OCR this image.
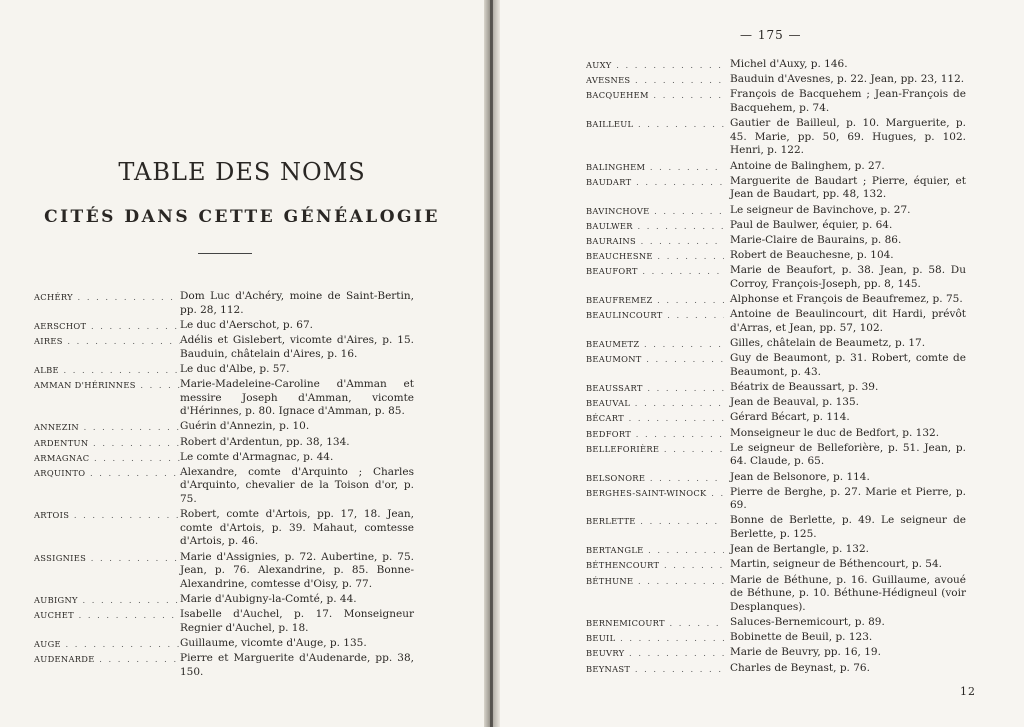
TABLE DES NOMS
CITÉS DANS CETTE GÉNÉALOGIE
ACHÉRY . . .	Dom Luc d'Achéry, moine de Saint-Bertin, pp. 28, 112.
AERSCHOT . . .	Le duc d'Aerschot, p. 67.
AIRES . . .	Adélis et Gislebert, vicomte d'Aires, p. 15. Bauduin, châtelain d'Aires, p. 16.
ALBE . . .	Le duc d'Albe, p. 57.
AMMAN D'HÉRINNES . . .	Marie-Madeleine-Caroline d'Amman et messire Joseph d'Amman, vicomte d'Hérinnes, p. 80. Ignace d'Amman, p. 85.
ANNEZIN . . .	Guérin d'Annezin, p. 10.
ARDENTUN . . .	Robert d'Ardentun, pp. 38, 134.
ARMAGNAC . . .	Le comte d'Armagnac, p. 44.
ARQUINTO . . .	Alexandre, comte d'Arquinto ; Charles d'Arquinto, chevalier de la Toison d'or, p. 75.
ARTOIS . . .	Robert, comte d'Artois, pp. 17, 18. Jean, comte d'Artois, p. 39. Mahaut, comtesse d'Artois, p. 46.
ASSIGNIES . . .	Marie d'Assignies, p. 72. Aubertine, p. 75. Jean, p. 76. Alexandrine, p. 85. Bonne-Alexandrine, comtesse d'Oisy, p. 77.
AUBIGNY . . .	Marie d'Aubigny-la-Comté, p. 44.
AUCHET . . .	Isabelle d'Auchel, p. 17. Monseigneur Regnier d'Auchel, p. 18.
AUGE . . .	Guillaume, vicomte d'Auge, p. 135.
AUDENARDE . . .	Pierre et Marguerite d'Audenarde, pp. 38, 150.
— 175 —
AUXY . . .	Michel d'Auxy, p. 146.
AVESNES . . .	Bauduin d'Avesnes, p. 22. Jean, pp. 23, 112.
BACQUEHEM . . .	François de Bacquehem ; Jean-François de Bacquehem, p. 74.
BAILLEUL . . .	Gautier de Bailleul, p. 10. Marguerite, p. 45. Marie, pp. 50, 69. Hugues, p. 102. Henri, p. 122.
BALINGHEM . . .	Antoine de Balinghem, p. 27.
BAUDART . . .	Marguerite de Baudart ; Pierre, équier, et Jean de Baudart, pp. 48, 132.
BAVINCHOVE . . .	Le seigneur de Bavinchove, p. 27.
BAULWER . . .	Paul de Baulwer, équier, p. 64.
BAURAINS . . .	Marie-Claire de Baurains, p. 86.
BEAUCHESNE . . .	Robert de Beauchesne, p. 104.
BEAUFORT . . .	Marie de Beaufort, p. 38. Jean, p. 58. Du Corroy, François-Joseph, pp. 8, 145.
BEAUFREMEZ . . .	Alphonse et François de Beaufremez, p. 75.
BEAULINCOURT . . .	Antoine de Beaulincourt, dit Hardi, prévôt d'Arras, et Jean, pp. 57, 102.
BEAUMETZ . . .	Gilles, châtelain de Beaumetz, p. 17.
BEAUMONT . . .	Guy de Beaumont, p. 31. Robert, comte de Beaumont, p. 43.
BEAUSSART . . .	Béatrix de Beaussart, p. 39.
BEAUVAL . . .	Jean de Beauval, p. 135.
BÉCART . . .	Gérard Bécart, p. 114.
BEDFORT . . .	Monseigneur le duc de Bedfort, p. 132.
BELLEFORIÈRE . . .	Le seigneur de Belleforière, p. 51. Jean, p. 64. Claude, p. 65.
BELSONORE . . .	Jean de Belsonore, p. 114.
BERGHES-SAINT-WINOCK . . .	Pierre de Berghe, p. 27. Marie et Pierre, p. 69.
BERLETTE . . .	Bonne de Berlette, p. 49. Le seigneur de Berlette, p. 125.
BERTANGLE . . .	Jean de Bertangle, p. 132.
BÉTHENCOURT . . .	Martin, seigneur de Béthencourt, p. 54.
BÉTHUNE . . .	Marie de Béthune, p. 16. Guillaume, avoué de Béthune, p. 10. Béthune-Hédigneul (voir Desplanques).
BERNEMICOURT . . .	Saluces-Bernemicourt, p. 89.
BEUIL . . .	Bobinette de Beuil, p. 123.
BEUVRY . . .	Marie de Beuvry, pp. 16, 19.
BEYNAST . . .	Charles de Beynast, p. 76.
12
